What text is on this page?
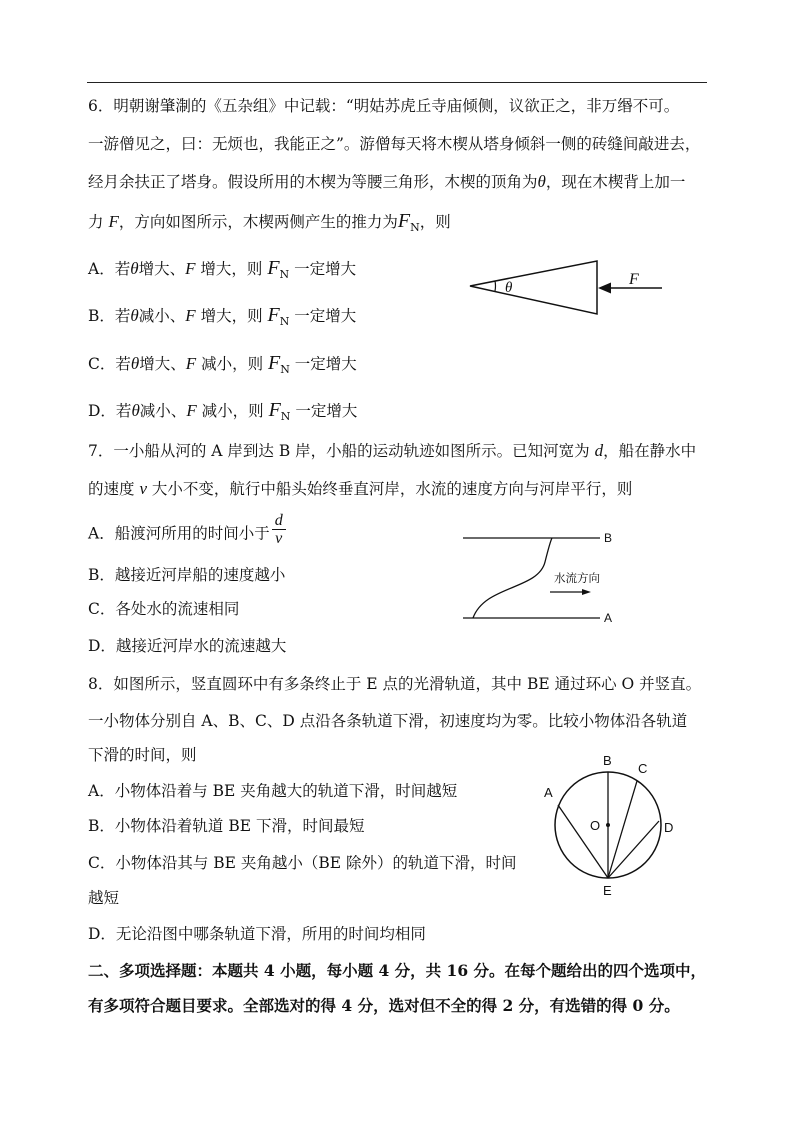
6．明朝谢肇淛的《五杂组》中记载：“明姑苏虎丘寺庙倾侧，议欲正之，非万缗不可。
一游僧见之，曰：无烦也，我能正之”。游僧每天将木楔从塔身倾斜一侧的砖缝间敲进去，
经月余扶正了塔身。假设所用的木楔为等腰三角形，木楔的顶角为θ，现在木楔背上加一
力 F，方向如图所示，木楔两侧产生的推力为$F_N$，则
A．若θ增大、F 增大，则 $F_N$ 一定增大
B．若θ减小、F 增大，则 $F_N$ 一定增大
C．若θ增大、F 减小，则 $F_N$ 一定增大
D．若θ减小、F 减小，则 $F_N$ 一定增大
θ	F
7．一小船从河的 A 岸到达 B 岸，小船的运动轨迹如图所示。已知河宽为 d，船在静水中
的速度 v 大小不变，航行中船头始终垂直河岸，水流的速度方向与河岸平行，则
A．船渡河所用的时间小于 $\frac{d}{v}$
B．越接近河岸船的速度越小
C．各处水的流速相同
D．越接近河岸水的流速越大
B
A
水流方向
8．如图所示，竖直圆环中有多条终止于 E 点的光滑轨道，其中 BE 通过环心 O 并竖直。
一小物体分别自 A、B、C、D 点沿各条轨道下滑，初速度均为零。比较小物体沿各轨道
下滑的时间，则
A．小物体沿着与 BE 夹角越大的轨道下滑，时间越短
B．小物体沿着轨道 BE 下滑，时间最短
C．小物体沿其与 BE 夹角越小（BE 除外）的轨道下滑，时间
越短
D．无论沿图中哪条轨道下滑，所用的时间均相同
B
C
A
D
E
O
二、多项选择题：本题共 4 小题，每小题 4 分，共 16 分。在每个题给出的四个选项中，
有多项符合题目要求。全部选对的得 4 分，选对但不全的得 2 分，有选错的得 0 分。
